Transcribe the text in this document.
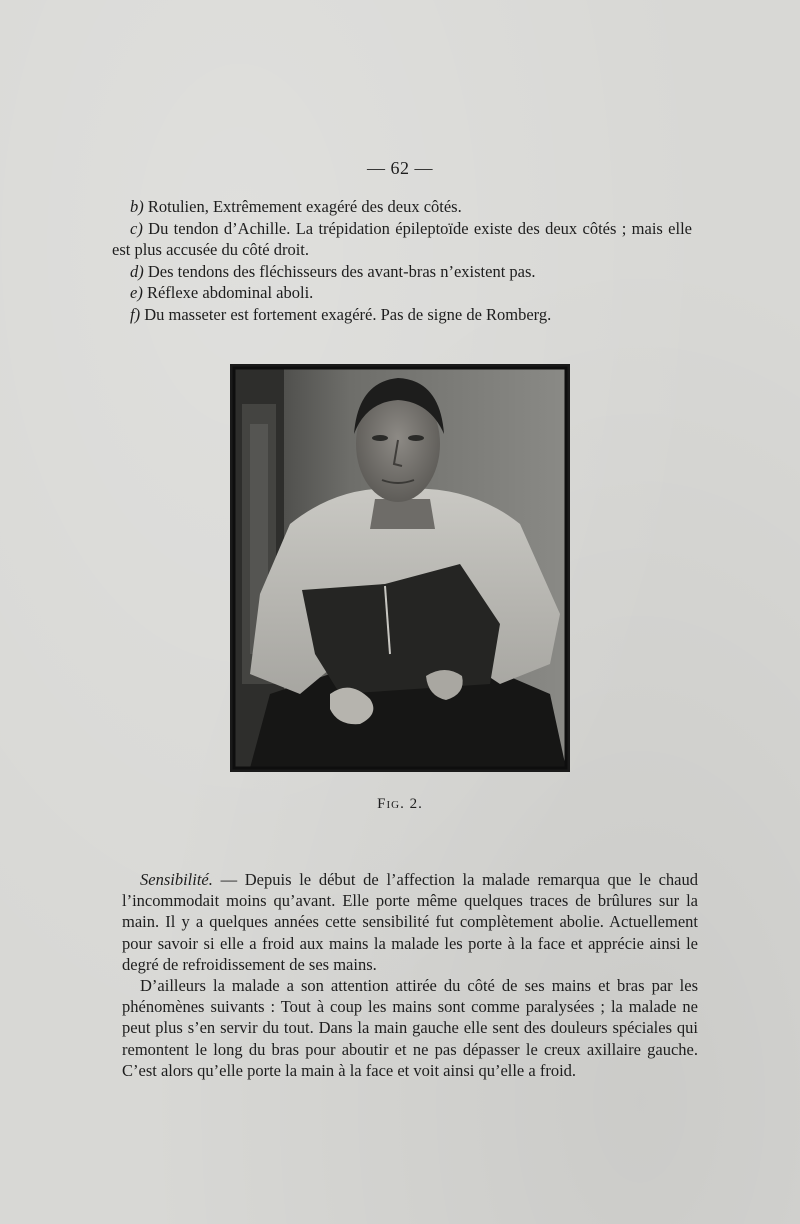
— 62 —

b) Rotulien, Extrêmement exagéré des deux côtés.

c) Du tendon d’Achille. La trépidation épileptoïde existe des deux côtés ; mais elle est plus accusée du côté droit.

d) Des tendons des fléchisseurs des avant-bras n’existent pas.

e) Réflexe abdominal aboli.

f) Du masseter est fortement exagéré. Pas de signe de Romberg.

Fig. 2.

Sensibilité. — Depuis le début de l’affection la malade remarqua que le chaud l’incommodait moins qu’avant. Elle porte même quelques traces de brûlures sur la main. Il y a quelques années cette sensibilité fut complètement abolie. Actuellement pour savoir si elle a froid aux mains la malade les porte à la face et apprécie ainsi le degré de refroidissement de ses mains.

D’ailleurs la malade a son attention attirée du côté de ses mains et bras par les phénomènes suivants : Tout à coup les mains sont comme paralysées ; la malade ne peut plus s’en servir du tout. Dans la main gauche elle sent des douleurs spéciales qui remontent le long du bras pour aboutir et ne pas dépasser le creux axillaire gauche. C’est alors qu’elle porte la main à la face et voit ainsi qu’elle a froid.
